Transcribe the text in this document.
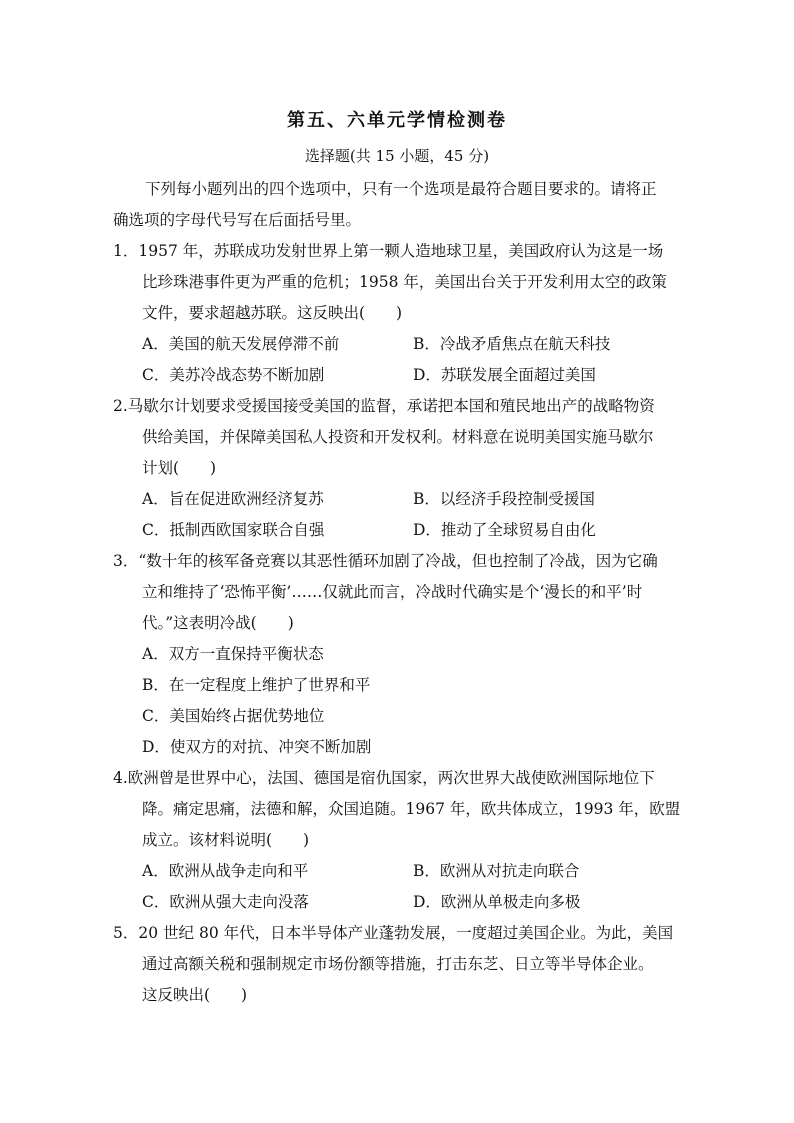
第五、六单元学情检测卷
选择题(共 15 小题，45 分)
下列每小题列出的四个选项中，只有一个选项是最符合题目要求的。请将正
确选项的字母代号写在后面括号里。
1．1957 年，苏联成功发射世界上第一颗人造地球卫星，美国政府认为这是一场
比珍珠港事件更为严重的危机；1958 年，美国出台关于开发利用太空的政策
文件，要求超越苏联。这反映出(　　)
A．美国的航天发展停滞不前	B．冷战矛盾焦点在航天科技
C．美苏冷战态势不断加剧	D．苏联发展全面超过美国
2.马歇尔计划要求受援国接受美国的监督，承诺把本国和殖民地出产的战略物资
供给美国，并保障美国私人投资和开发权利。材料意在说明美国实施马歇尔
计划(　　)
A．旨在促进欧洲经济复苏	B．以经济手段控制受援国
C．抵制西欧国家联合自强	D．推动了全球贸易自由化
3．“数十年的核军备竞赛以其恶性循环加剧了冷战，但也控制了冷战，因为它确
立和维持了‘恐怖平衡’……仅就此而言，冷战时代确实是个‘漫长的和平’时
代。”这表明冷战(　　)
A．双方一直保持平衡状态
B．在一定程度上维护了世界和平
C．美国始终占据优势地位
D．使双方的对抗、冲突不断加剧
4.欧洲曾是世界中心，法国、德国是宿仇国家，两次世界大战使欧洲国际地位下
降。痛定思痛，法德和解，众国追随。1967 年，欧共体成立，1993 年，欧盟
成立。该材料说明(　　)
A．欧洲从战争走向和平	B．欧洲从对抗走向联合
C．欧洲从强大走向没落	D．欧洲从单极走向多极
5．20 世纪 80 年代，日本半导体产业蓬勃发展，一度超过美国企业。为此，美国
通过高额关税和强制规定市场份额等措施，打击东芝、日立等半导体企业。
这反映出(　　)
